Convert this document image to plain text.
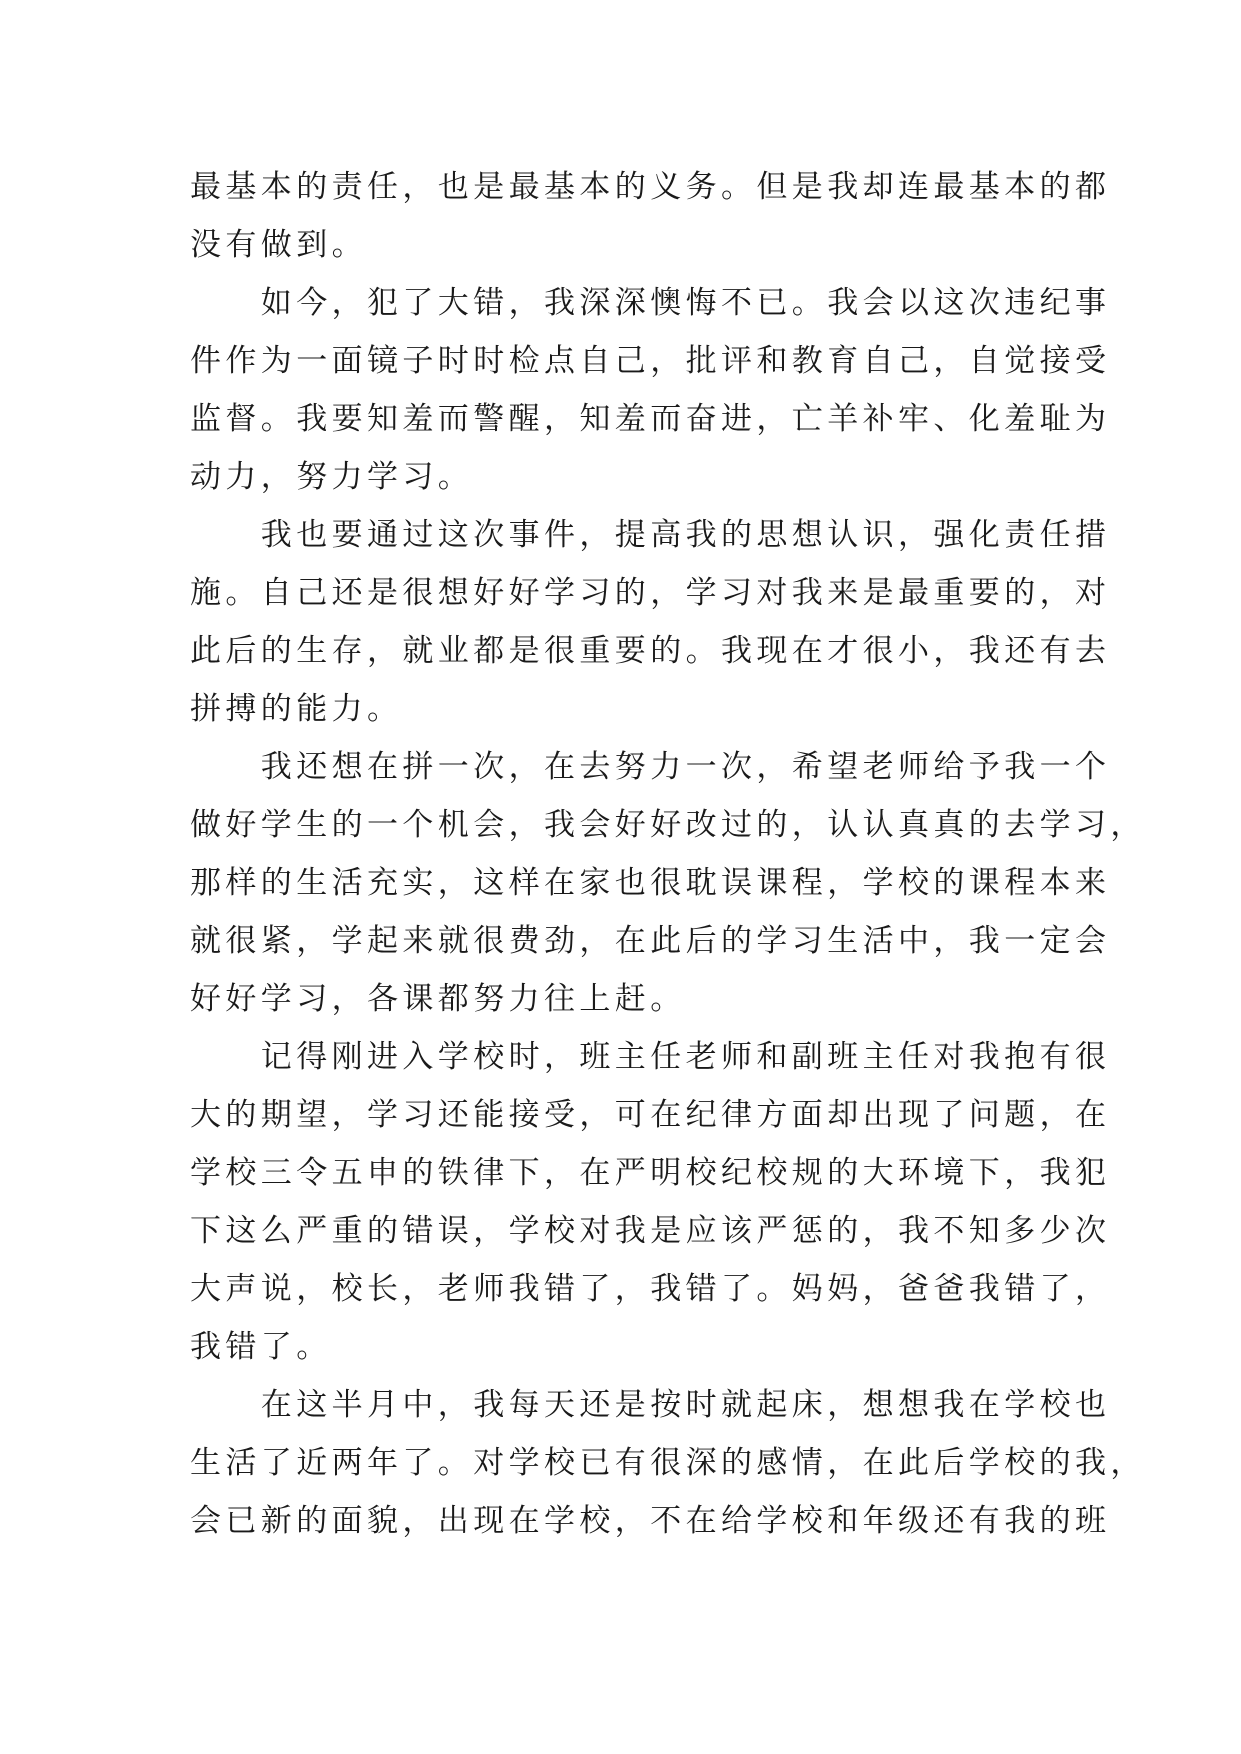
最基本的责任，也是最基本的义务。但是我却连最基本的都
没有做到。
　　如今，犯了大错，我深深懊悔不已。我会以这次违纪事
件作为一面镜子时时检点自己，批评和教育自己，自觉接受
监督。我要知羞而警醒，知羞而奋进，亡羊补牢、化羞耻为
动力，努力学习。
　　我也要通过这次事件，提高我的思想认识，强化责任措
施。自己还是很想好好学习的，学习对我来是最重要的，对
此后的生存，就业都是很重要的。我现在才很小，我还有去
拼搏的能力。
　　我还想在拼一次，在去努力一次，希望老师给予我一个
做好学生的一个机会，我会好好改过的，认认真真的去学习，
那样的生活充实，这样在家也很耽误课程，学校的课程本来
就很紧，学起来就很费劲，在此后的学习生活中，我一定会
好好学习，各课都努力往上赶。
　　记得刚进入学校时，班主任老师和副班主任对我抱有很
大的期望，学习还能接受，可在纪律方面却出现了问题，在
学校三令五申的铁律下，在严明校纪校规的大环境下，我犯
下这么严重的错误，学校对我是应该严惩的，我不知多少次
大声说，校长，老师我错了，我错了。妈妈，爸爸我错了，
我错了。
　　在这半月中，我每天还是按时就起床，想想我在学校也
生活了近两年了。对学校已有很深的感情，在此后学校的我，
会已新的面貌，出现在学校，不在给学校和年级还有我的班
